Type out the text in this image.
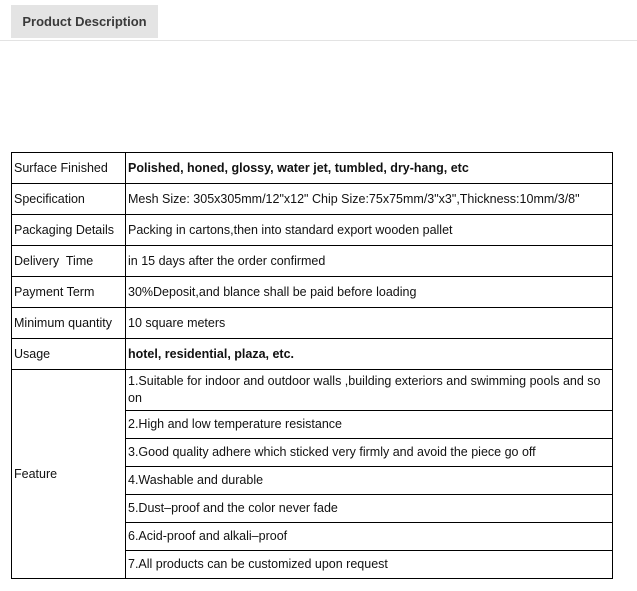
Product Description
Surface Finished	Polished, honed, glossy, water jet, tumbled, dry-hang, etc
Specification	Mesh Size: 305x305mm/12"x12" Chip Size:75x75mm/3"x3",Thickness:10mm/3/8"
Packaging Details	Packing in cartons,then into standard export wooden pallet
Delivery  Time	in 15 days after the order confirmed
Payment Term	30%Deposit,and blance shall be paid before loading
Minimum quantity	10 square meters
Usage	hotel, residential, plaza, etc.
Feature	1.Suitable for indoor and outdoor walls ,building exteriors and swimming pools and so on
	2.High and low temperature resistance
	3.Good quality adhere which sticked very firmly and avoid the piece go off
	4.Washable and durable
	5.Dust–proof and the color never fade
	6.Acid-proof and alkali–proof
	7.All products can be customized upon request
